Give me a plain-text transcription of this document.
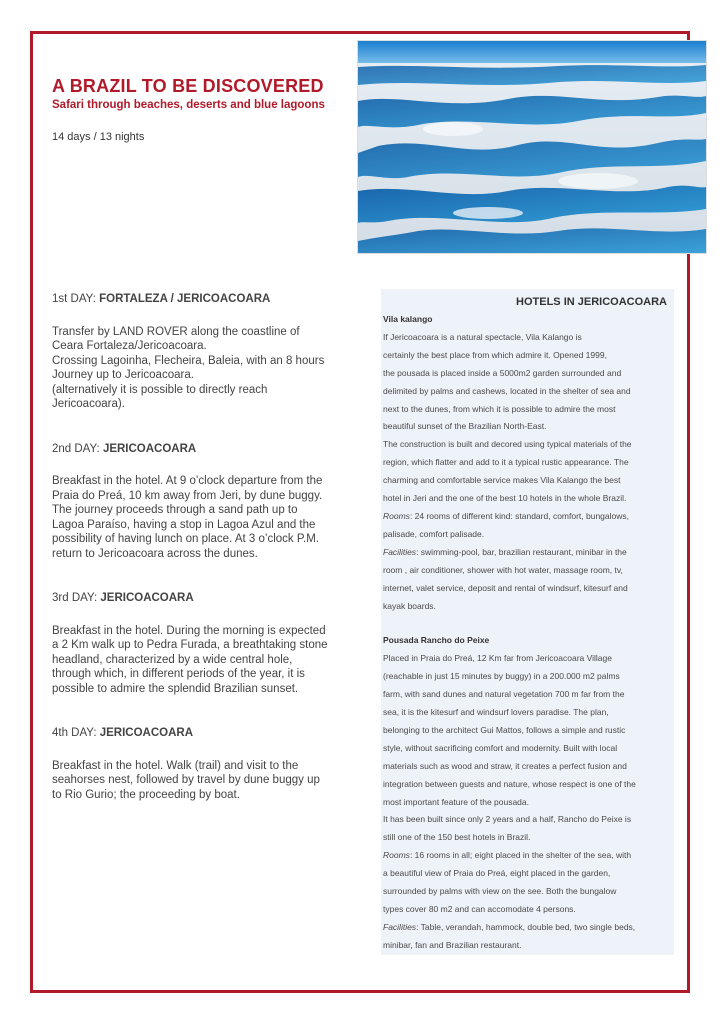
A BRAZIL TO BE DISCOVERED

Safari through beaches, deserts and blue lagoons

14 days / 13 nights

1st DAY: FORTALEZA / JERICOACOARA

Transfer by LAND ROVER along the coastline of

Ceara Fortaleza/Jericoacoara.

Crossing Lagoinha, Flecheira, Baleia, with an 8 hours

Journey up to Jericoacoara.

(alternatively it is possible to directly reach

Jericoacoara).

2nd DAY: JERICOACOARA

Breakfast in the hotel. At 9 o’clock departure from the

Praia do Preá, 10 km away from Jeri, by dune buggy.

The journey proceeds through a sand path up to

Lagoa Paraíso, having a stop in Lagoa Azul and the

possibility of having lunch on place. At 3 o’clock P.M.

return to Jericoacoara across the dunes.

3rd DAY: JERICOACOARA

Breakfast in the hotel. During the morning is expected

a 2 Km walk up to Pedra Furada, a breathtaking stone

headland, characterized by a wide central hole,

through which, in different periods of the year, it is

possible to admire the splendid Brazilian sunset.

4th DAY: JERICOACOARA

Breakfast in the hotel. Walk (trail) and visit to the

seahorses nest, followed by travel by dune buggy up

to Rio Gurio; the proceeding by boat.

HOTELS IN JERICOACOARA

Vila kalango

If Jericoacoara is a natural spectacle, Vila Kalango is

certainly the best place from which admire it. Opened 1999,

the pousada is placed inside a 5000m2 garden surrounded and

delimited by palms and cashews, located in the shelter of sea and

next to the dunes, from which it is possible to admire the most

beautiful sunset of the Brazilian North-East.

The construction is built and decored using typical materials of the

region, which flatter and add to it a typical rustic appearance. The

charming and comfortable service makes Vila Kalango the best

hotel in Jeri and the one of the best 10 hotels in the whole Brazil.

Rooms: 24 rooms of different kind: standard, comfort, bungalows,

palisade, comfort palisade.

Facilities: swimming-pool, bar, brazilian restaurant, minibar in the

room , air conditioner, shower with hot water, massage room, tv,

internet, valet service, deposit and rental of windsurf, kitesurf and

kayak boards.

Pousada Rancho do Peixe

Placed in Praia do Preá, 12 Km far from Jericoacoara Village

(reachable in just 15 minutes by buggy) in a 200.000 m2 palms

farm, with sand dunes and natural vegetation 700 m far from the

sea, it is the kitesurf and windsurf lovers paradise. The plan,

belonging to the architect Gui Mattos, follows a simple and rustic

style, without sacrificing comfort and modernity. Built with local

materials such as wood and straw, it creates a perfect fusion and

integration between guests and nature, whose respect is one of the

most important feature of the pousada.

It has been built since only 2 years and a half, Rancho do Peixe is

still one of the 150 best hotels in Brazil.

Rooms: 16 rooms in all; eight placed in the shelter of the sea, with

a beautiful view of Praia do Preá, eight placed in the garden,

surrounded by palms with view on the see. Both the bungalow

types cover 80 m2 and can accomodate 4 persons.

Facilities: Table, verandah, hammock, double bed, two single beds,

minibar, fan and Brazilian restaurant.
